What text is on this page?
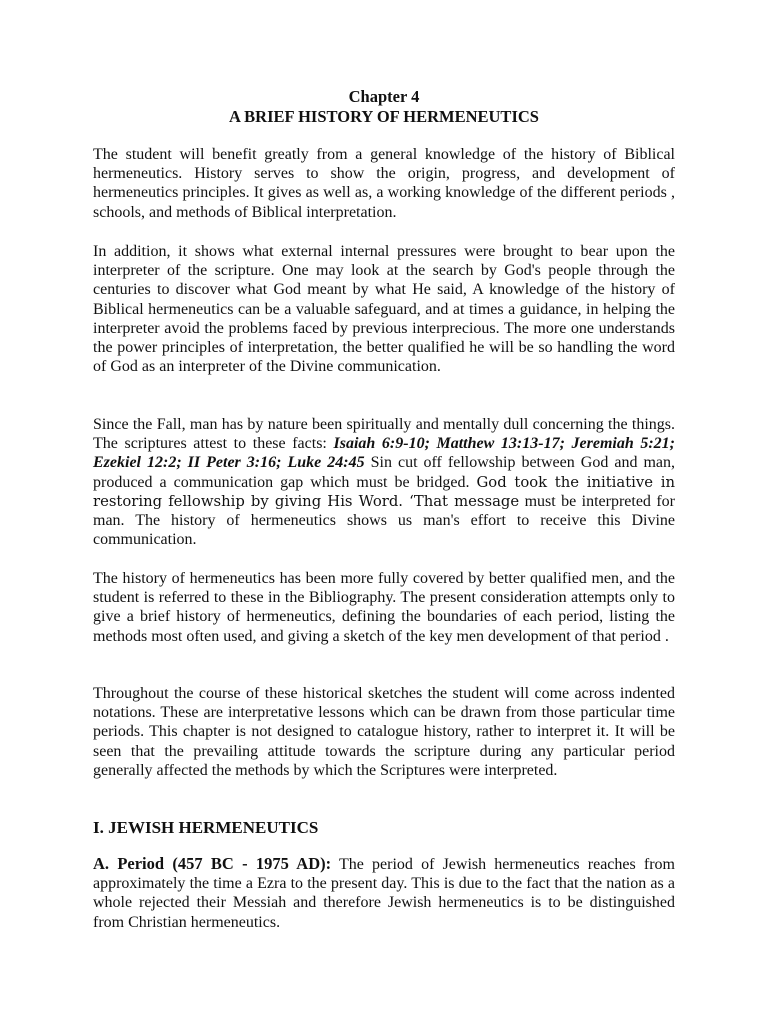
Chapter 4
A BRIEF HISTORY OF HERMENEUTICS

The student will benefit greatly from a general knowledge of the history of Biblical hermeneutics. History serves to show the origin, progress, and development of hermeneutics principles. It gives as well as, a working knowledge of the different periods , schools, and methods of Biblical interpretation.

In addition, it shows what external internal pressures were brought to bear upon the interpreter of the scripture. One may look at the search by God's people through the centuries to discover what God meant by what He said, A knowledge of the history of Biblical hermeneutics can be a valuable safeguard, and at times a guidance, in helping the interpreter avoid the problems faced by previous interprecious. The more one understands the power principles of interpretation, the better qualified he will be so handling the word of God as an interpreter of the Divine communication.

Since the Fall, man has by nature been spiritually and mentally dull concerning the things. The scriptures attest to these facts: Isaiah 6:9-10; Matthew 13:13-17; Jeremiah 5:21; Ezekiel 12:2; II Peter 3:16; Luke 24:45 Sin cut off fellowship between God and man, produced a communication gap which must be bridged. God took the initiative in restoring fellowship by giving His Word. ‘That message must be interpreted for man. The history of hermeneutics shows us man's effort to receive this Divine communication.

The history of hermeneutics has been more fully covered by better qualified men, and the student is referred to these in the Bibliography. The present consideration attempts only to give a brief history of hermeneutics, defining the boundaries of each period, listing the methods most often used, and giving a sketch of the key men development of that period .

Throughout the course of these historical sketches the student will come across indented notations. These are interpretative lessons which can be drawn from those particular time periods. This chapter is not designed to catalogue history, rather to interpret it. It will be seen that the prevailing attitude towards the scripture during any particular period generally affected the methods by which the Scriptures were interpreted.

I. JEWISH HERMENEUTICS

A. Period (457 BC - 1975 AD): The period of Jewish hermeneutics reaches from approximately the time a Ezra to the present day. This is due to the fact that the nation as a whole rejected their Messiah and therefore Jewish hermeneutics is to be distinguished from Christian hermeneutics.
